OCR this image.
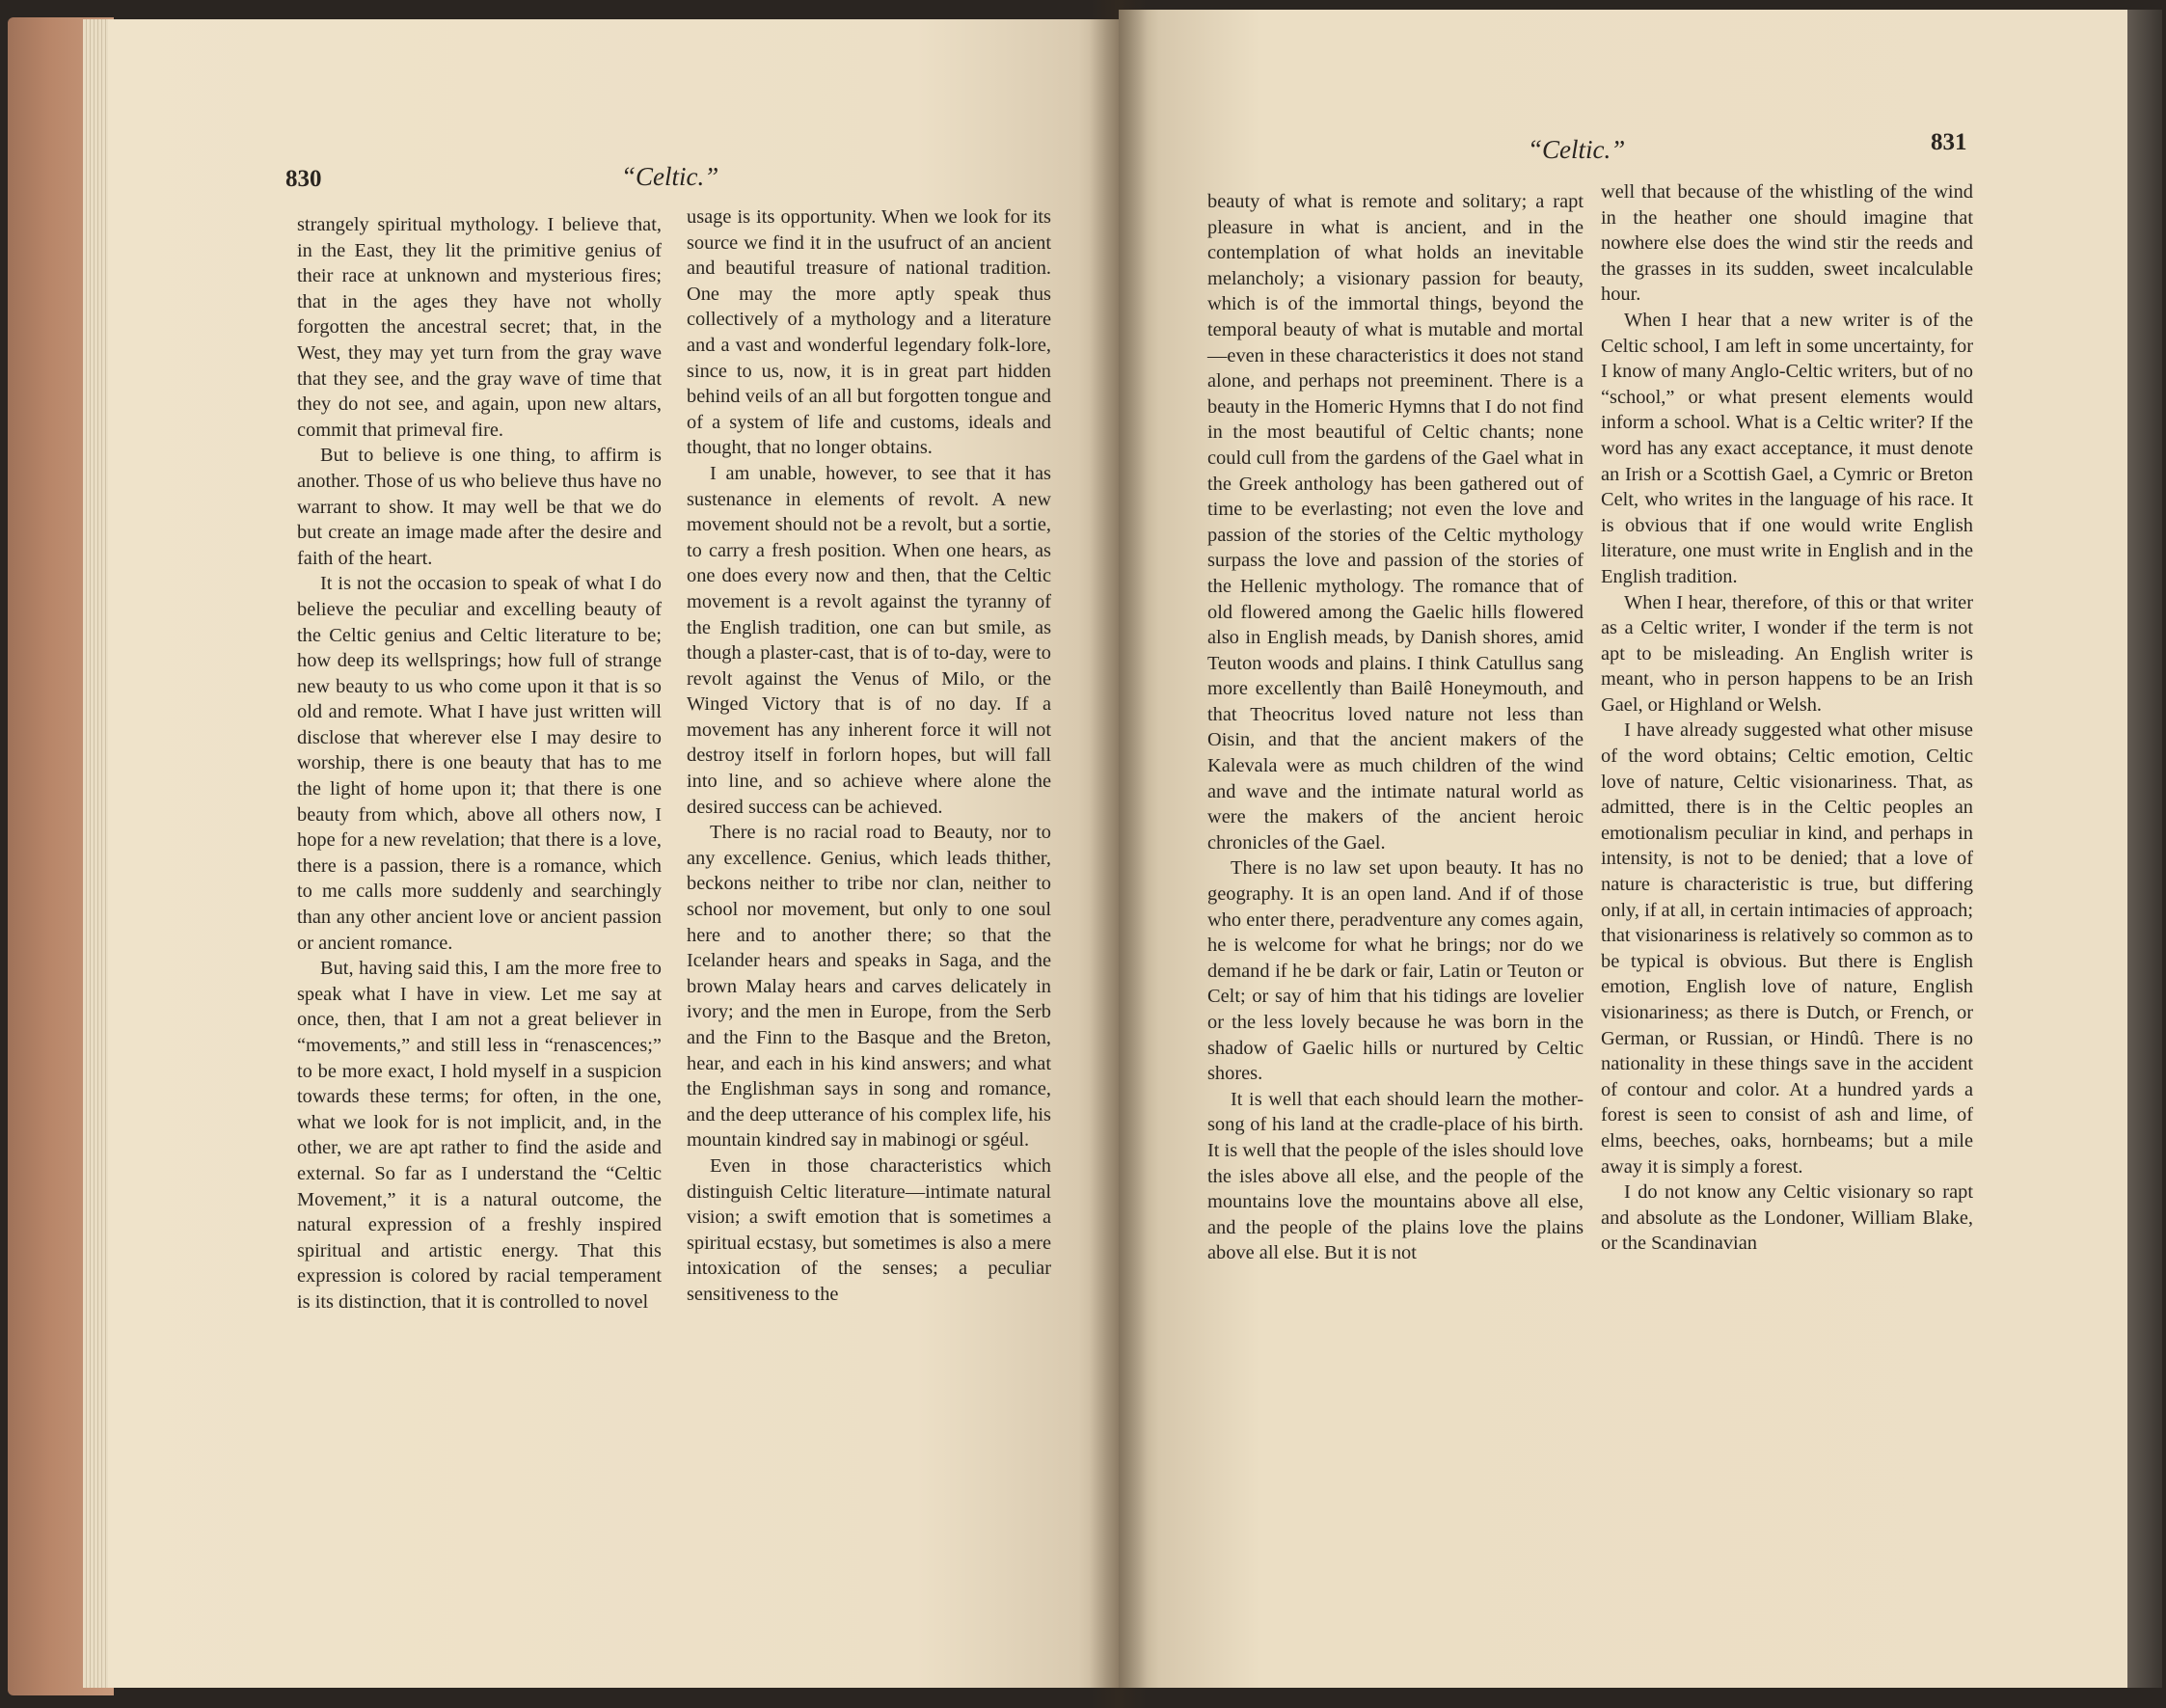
830	“Celtic.”

strangely spiritual mythology. I believe that, in the East, they lit the primitive genius of their race at unknown and mysterious fires; that in the ages they have not wholly forgotten the ancestral secret; that, in the West, they may yet turn from the gray wave that they see, and the gray wave of time that they do not see, and again, upon new altars, commit that primeval fire.

But to believe is one thing, to affirm is another. Those of us who believe thus have no warrant to show. It may well be that we do but create an image made after the desire and faith of the heart.

It is not the occasion to speak of what I do believe the peculiar and excelling beauty of the Celtic genius and Celtic literature to be; how deep its wellsprings; how full of strange new beauty to us who come upon it that is so old and remote. What I have just written will disclose that wherever else I may desire to worship, there is one beauty that has to me the light of home upon it; that there is one beauty from which, above all others now, I hope for a new revelation; that there is a love, there is a passion, there is a romance, which to me calls more suddenly and searchingly than any other ancient love or ancient passion or ancient romance.

But, having said this, I am the more free to speak what I have in view. Let me say at once, then, that I am not a great believer in “movements,” and still less in “renascences;” to be more exact, I hold myself in a suspicion towards these terms; for often, in the one, what we look for is not implicit, and, in the other, we are apt rather to find the aside and external. So far as I understand the “Celtic Movement,” it is a natural outcome, the natural expression of a freshly inspired spiritual and artistic energy. That this expression is colored by racial temperament is its distinction, that it is controlled to novel

usage is its opportunity. When we look for its source we find it in the usufruct of an ancient and beautiful treasure of national tradition. One may the more aptly speak thus collectively of a mythology and a literature and a vast and wonderful legendary folk-lore, since to us, now, it is in great part hidden behind veils of an all but forgotten tongue and of a system of life and customs, ideals and thought, that no longer obtains.

I am unable, however, to see that it has sustenance in elements of revolt. A new movement should not be a revolt, but a sortie, to carry a fresh position. When one hears, as one does every now and then, that the Celtic movement is a revolt against the tyranny of the English tradition, one can but smile, as though a plaster-cast, that is of to-day, were to revolt against the Venus of Milo, or the Winged Victory that is of no day. If a movement has any inherent force it will not destroy itself in forlorn hopes, but will fall into line, and so achieve where alone the desired success can be achieved.

There is no racial road to Beauty, nor to any excellence. Genius, which leads thither, beckons neither to tribe nor clan, neither to school nor movement, but only to one soul here and to another there; so that the Icelander hears and speaks in Saga, and the brown Malay hears and carves delicately in ivory; and the men in Europe, from the Serb and the Finn to the Basque and the Breton, hear, and each in his kind answers; and what the Englishman says in song and romance, and the deep utterance of his complex life, his mountain kindred say in mabinogi or sgéul.

Even in those characteristics which distinguish Celtic literature—intimate natural vision; a swift emotion that is sometimes a spiritual ecstasy, but sometimes is also a mere intoxication of the senses; a peculiar sensitiveness to the

“Celtic.”	831

beauty of what is remote and solitary; a rapt pleasure in what is ancient, and in the contemplation of what holds an inevitable melancholy; a visionary passion for beauty, which is of the immortal things, beyond the temporal beauty of what is mutable and mortal —even in these characteristics it does not stand alone, and perhaps not preeminent. There is a beauty in the Homeric Hymns that I do not find in the most beautiful of Celtic chants; none could cull from the gardens of the Gael what in the Greek anthology has been gathered out of time to be everlasting; not even the love and passion of the stories of the Celtic mythology surpass the love and passion of the stories of the Hellenic mythology. The romance that of old flowered among the Gaelic hills flowered also in English meads, by Danish shores, amid Teuton woods and plains. I think Catullus sang more excellently than Bailê Honeymouth, and that Theocritus loved nature not less than Oisin, and that the ancient makers of the Kalevala were as much children of the wind and wave and the intimate natural world as were the makers of the ancient heroic chronicles of the Gael.

There is no law set upon beauty. It has no geography. It is an open land. And if of those who enter there, peradventure any comes again, he is welcome for what he brings; nor do we demand if he be dark or fair, Latin or Teuton or Celt; or say of him that his tidings are lovelier or the less lovely because he was born in the shadow of Gaelic hills or nurtured by Celtic shores.

It is well that each should learn the mother-song of his land at the cradle-place of his birth. It is well that the people of the isles should love the isles above all else, and the people of the mountains love the mountains above all else, and the people of the plains love the plains above all else. But it is not

well that because of the whistling of the wind in the heather one should imagine that nowhere else does the wind stir the reeds and the grasses in its sudden, sweet incalculable hour.

When I hear that a new writer is of the Celtic school, I am left in some uncertainty, for I know of many Anglo-Celtic writers, but of no “school,” or what present elements would inform a school. What is a Celtic writer? If the word has any exact acceptance, it must denote an Irish or a Scottish Gael, a Cymric or Breton Celt, who writes in the language of his race. It is obvious that if one would write English literature, one must write in English and in the English tradition.

When I hear, therefore, of this or that writer as a Celtic writer, I wonder if the term is not apt to be misleading. An English writer is meant, who in person happens to be an Irish Gael, or Highland or Welsh.

I have already suggested what other misuse of the word obtains; Celtic emotion, Celtic love of nature, Celtic visionariness. That, as admitted, there is in the Celtic peoples an emotionalism peculiar in kind, and perhaps in intensity, is not to be denied; that a love of nature is characteristic is true, but differing only, if at all, in certain intimacies of approach; that visionariness is relatively so common as to be typical is obvious. But there is English emotion, English love of nature, English visionariness; as there is Dutch, or French, or German, or Russian, or Hindû. There is no nationality in these things save in the accident of contour and color. At a hundred yards a forest is seen to consist of ash and lime, of elms, beeches, oaks, hornbeams; but a mile away it is simply a forest.

I do not know any Celtic visionary so rapt and absolute as the Londoner, William Blake, or the Scandinavian
